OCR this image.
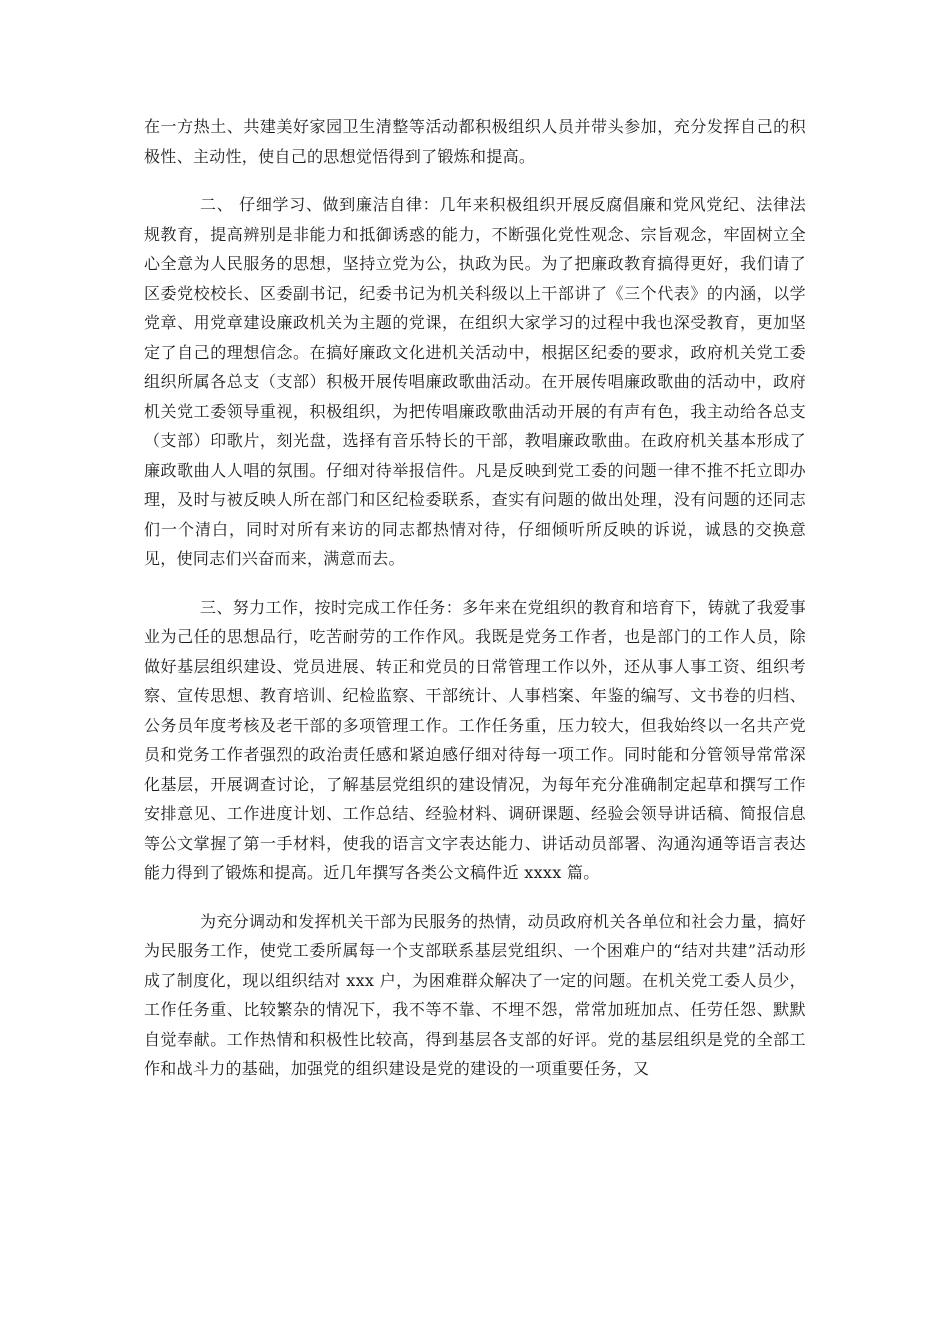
在一方热土、共建美好家园卫生清整等活动都积极组织人员并带头参加，充分发挥自己的积极性、主动性，使自己的思想觉悟得到了锻炼和提高。

二、 仔细学习、做到廉洁自律：几年来积极组织开展反腐倡廉和党风党纪、法律法规教育，提高辨别是非能力和抵御诱惑的能力，不断强化党性观念、宗旨观念，牢固树立全心全意为人民服务的思想，坚持立党为公，执政为民。为了把廉政教育搞得更好，我们请了区委党校校长、区委副书记，纪委书记为机关科级以上干部讲了《三个代表》的内涵，以学党章、用党章建设廉政机关为主题的党课，在组织大家学习的过程中我也深受教育，更加坚定了自己的理想信念。在搞好廉政文化进机关活动中，根据区纪委的要求，政府机关党工委组织所属各总支（支部）积极开展传唱廉政歌曲活动。在开展传唱廉政歌曲的活动中，政府机关党工委领导重视，积极组织，为把传唱廉政歌曲活动开展的有声有色，我主动给各总支（支部）印歌片，刻光盘，选择有音乐特长的干部，教唱廉政歌曲。在政府机关基本形成了廉政歌曲人人唱的氛围。仔细对待举报信件。凡是反映到党工委的问题一律不推不托立即办理，及时与被反映人所在部门和区纪检委联系，查实有问题的做出处理，没有问题的还同志们一个清白，同时对所有来访的同志都热情对待，仔细倾听所反映的诉说，诚恳的交换意见，使同志们兴奋而来，满意而去。

三、努力工作，按时完成工作任务：多年来在党组织的教育和培育下，铸就了我爱事业为己任的思想品行，吃苦耐劳的工作作风。我既是党务工作者，也是部门的工作人员，除做好基层组织建设、党员进展、转正和党员的日常管理工作以外，还从事人事工资、组织考察、宣传思想、教育培训、纪检监察、干部统计、人事档案、年鉴的编写、文书卷的归档、公务员年度考核及老干部的多项管理工作。工作任务重，压力较大，但我始终以一名共产党员和党务工作者强烈的政治责任感和紧迫感仔细对待每一项工作。同时能和分管领导常常深化基层，开展调查讨论，了解基层党组织的建设情况，为每年充分准确制定起草和撰写工作安排意见、工作进度计划、工作总结、经验材料、调研课题、经验会领导讲话稿、简报信息等公文掌握了第一手材料，使我的语言文字表达能力、讲话动员部署、沟通沟通等语言表达能力得到了锻炼和提高。近几年撰写各类公文稿件近 xxxx 篇。

为充分调动和发挥机关干部为民服务的热情，动员政府机关各单位和社会力量，搞好为民服务工作，使党工委所属每一个支部联系基层党组织、一个困难户的“结对共建”活动形成了制度化，现以组织结对 xxx 户，为困难群众解决了一定的问题。在机关党工委人员少，工作任务重、比较繁杂的情况下，我不等不靠、不埋不怨，常常加班加点、任劳任怨、默默自觉奉献。工作热情和积极性比较高，得到基层各支部的好评。党的基层组织是党的全部工作和战斗力的基础，加强党的组织建设是党的建设的一项重要任务，又
